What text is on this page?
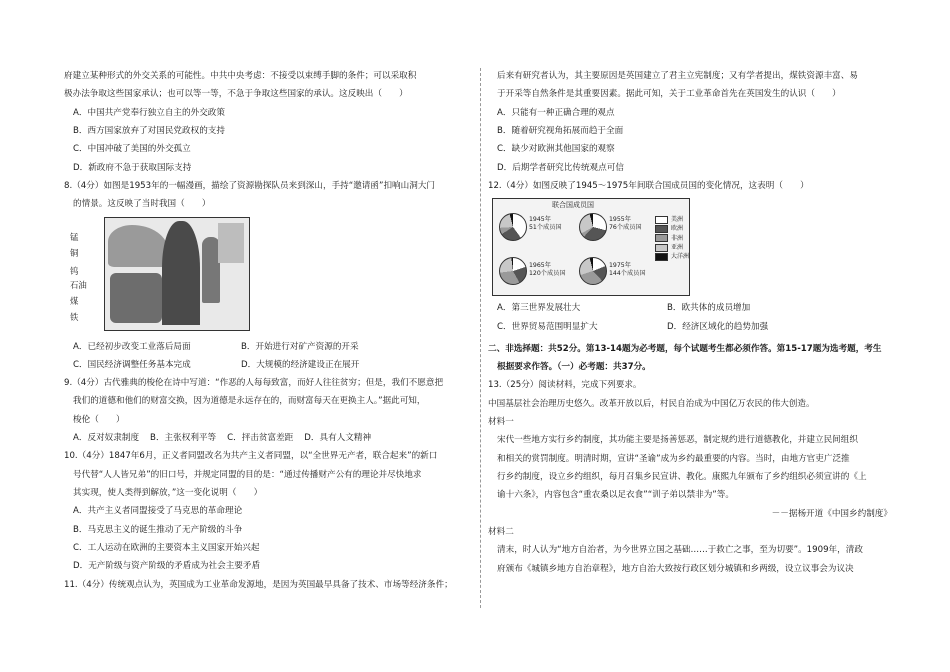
府建立某种形式的外交关系的可能性。中共中央考虑：不接受以束缚手脚的条件；可以采取积

极办法争取这些国家承认；也可以等一等，不急于争取这些国家的承认。这反映出（　　）

A．中国共产党奉行独立自主的外交政策

B．西方国家放弃了对国民党政权的支持

C．中国冲破了美国的外交孤立

D．新政府不急于获取国际支持

8.（4分）如图是1953年的一幅漫画，描绘了资源勘探队员来到深山，手持“邀请函”扣响山洞大门

的情景。这反映了当时我国（　　）

锰
铜
钨
石油
煤
铁
A．已经初步改变工业落后局面	B．开始进行对矿产资源的开采
C．国民经济调整任务基本完成	D．大规模的经济建设正在展开

9.（4分）古代雅典的梭伦在诗中写道：“作恶的人每每致富，而好人往往贫穷；但是，我们不愿意把

我们的道德和他们的财富交换，因为道德是永远存在的，而财富每天在更换主人。”据此可知，

梭伦（　　）

A．反对奴隶制度 B．主张权利平等 C．抨击贫富差距 D．具有人文精神

10.（4分）1847年6月，正义者同盟改名为共产主义者同盟，以“全世界无产者，联合起来”的新口

号代替“人人皆兄弟”的旧口号，并规定同盟的目的是：“通过传播财产公有的理论并尽快地求

其实现，使人类得到解放，”这一变化说明（　　）

A．共产主义者同盟接受了马克思的革命理论

B．马克思主义的诞生推动了无产阶级的斗争

C．工人运动在欧洲的主要资本主义国家开始兴起

D．无产阶级与资产阶级的矛盾成为社会主要矛盾

11.（4分）传统观点认为，英国成为工业革命发源地，是因为英国最早具备了技术、市场等经济条件；

后来有研究者认为，其主要原因是英国建立了君主立宪制度；又有学者提出，煤铁资源丰富、易

于开采等自然条件是其重要因素。据此可知，关于工业革命首先在英国发生的认识（　　）

A．只能有一种正确合理的观点

B．随着研究视角拓展而趋于全面

C．缺少对欧洲其他国家的观察

D．后期学者研究比传统观点可信

12.（4分）如图反映了1945～1975年间联合国成员国的变化情况，这表明（　　）

联合国成员国
1945年
51个成员国
1955年
76个成员国
1965年
120个成员国
1975年
144个成员国
美洲
欧洲
非洲
亚洲
大洋洲
A．第三世界发展壮大	B．欧共体的成员增加
C．世界贸易范围明显扩大	D．经济区域化的趋势加强

二、非选择题：共52分。第13-14题为必考题，每个试题考生都必须作答。第15-17题为选考题，考生

根据要求作答。（一）必考题：共37分。

13.（25分）阅读材料，完成下列要求。

中国基层社会治理历史悠久。改革开放以后，村民自治成为中国亿万农民的伟大创造。

材料一

宋代一些地方实行乡约制度，其功能主要是扬善惩恶，制定规约进行道德教化，并建立民间组织

和相关的赏罚制度。明清时期，宣讲“圣谕”成为乡约最重要的内容。当时，由地方官吏广泛推

行乡约制度，设立乡约组织，每月召集乡民宣讲、教化。康熙九年颁布了乡约组织必须宣讲的《上

谕十六条》，内容包含“重农桑以足衣食”“训子弟以禁非为”等。

－－据杨开道《中国乡约制度》

材料二

清末，时人认为“地方自治者，为今世界立国之基础……于救亡之事，至为切要”。1909年，清政

府颁布《城镇乡地方自治章程》，地方自治大致按行政区划分城镇和乡两级，设立议事会为议决
